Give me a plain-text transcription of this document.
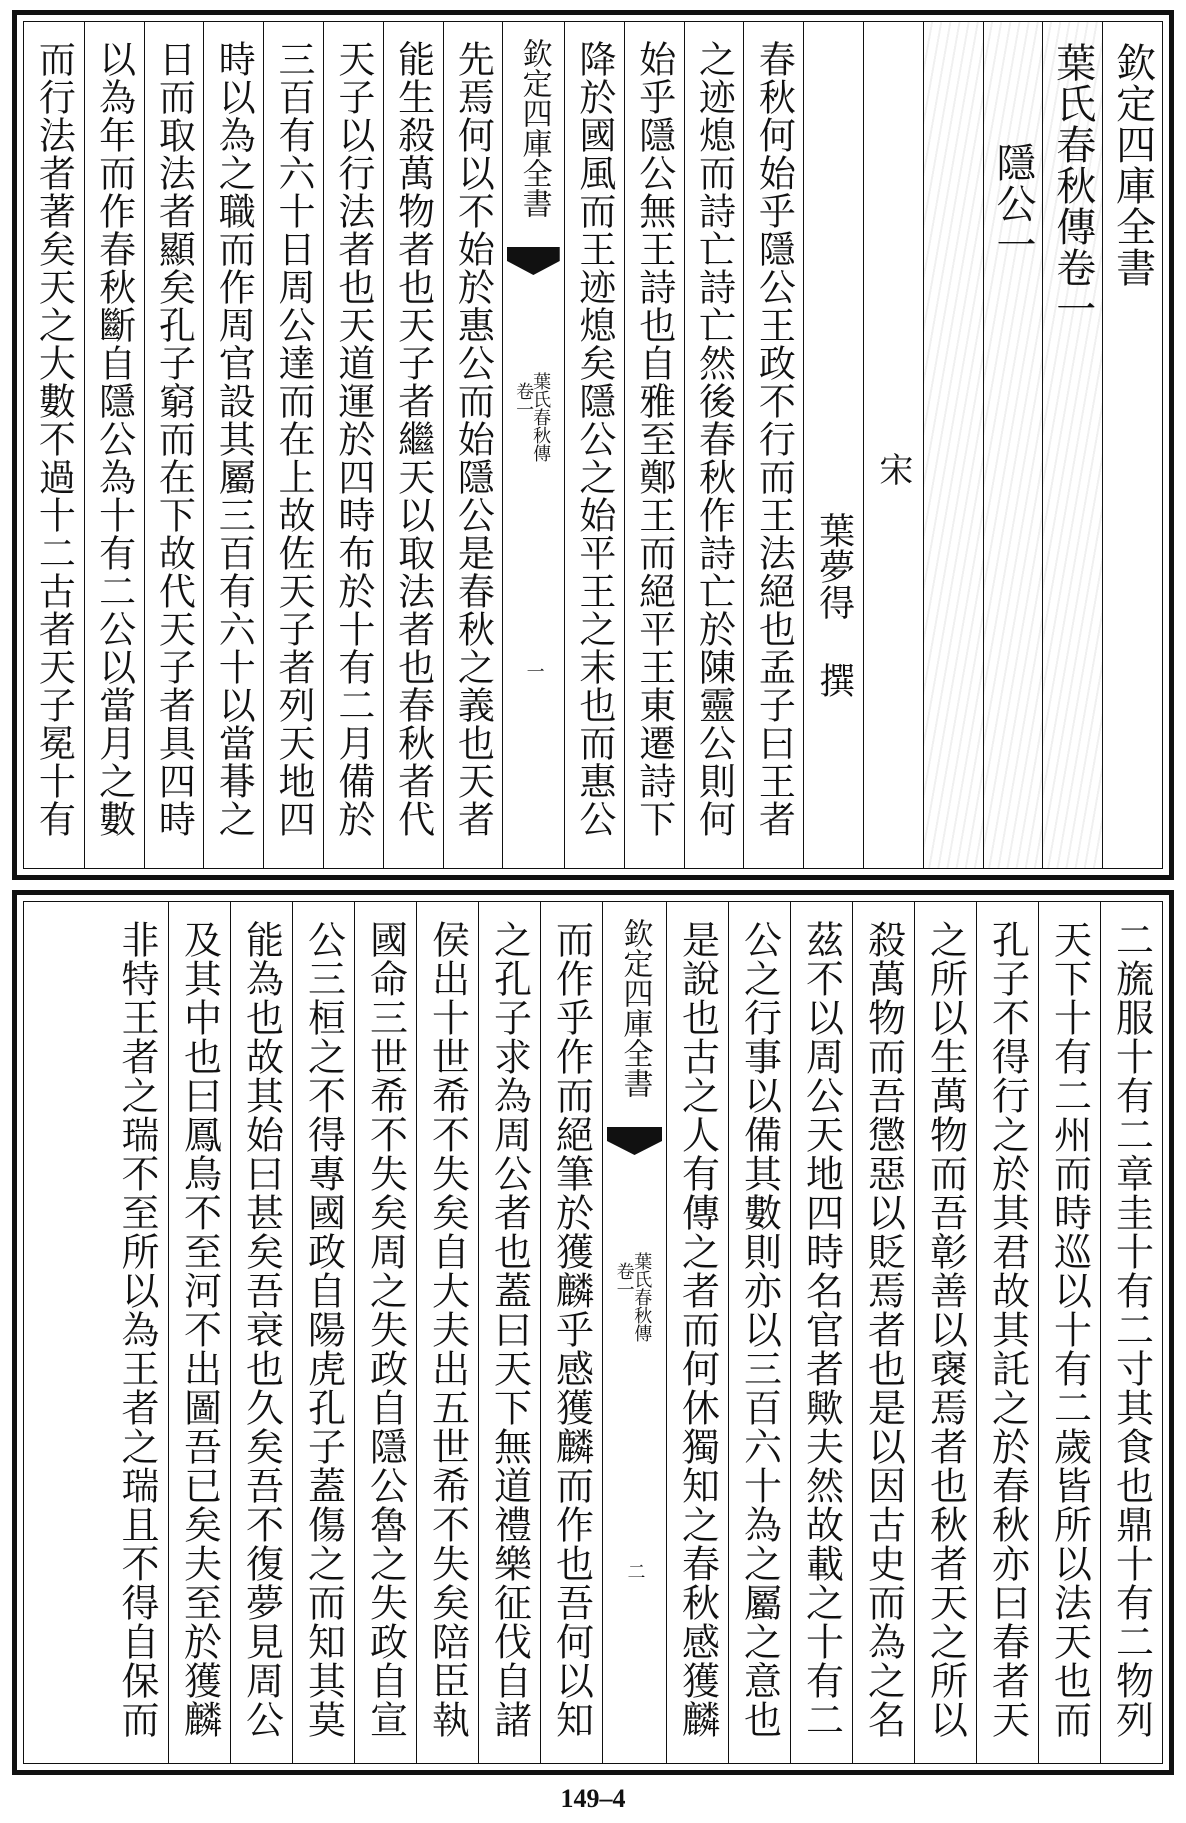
欽定四庫全書
葉氏春秋傳卷一
隱公一
宋
葉夢得
撰
春秋何始乎隱公王政不行而王法絕也孟子曰王者
之迹熄而詩亡詩亡然後春秋作詩亡於陳靈公則何
始乎隱公無王詩也自雅至鄭王而絕平王東遷詩下
降於國風而王迹熄矣隱公之始平王之末也而惠公
欽定四庫全書
葉氏春秋傳
卷一
一
先焉何以不始於惠公而始隱公是春秋之義也天者
能生殺萬物者也天子者繼天以取法者也春秋者代
天子以行法者也天道運於四時布於十有二月備於
三百有六十日周公達而在上故佐天子者列天地四
時以為之職而作周官設其屬三百有六十以當朞之
日而取法者顯矣孔子窮而在下故代天子者具四時
以為年而作春秋斷自隱公為十有二公以當月之數
而行法者著矣天之大數不過十二古者天子冕十有
二旒服十有二章圭十有二寸其食也鼎十有二物列
天下十有二州而時巡以十有二歲皆所以法天也而
孔子不得行之於其君故其託之於春秋亦曰春者天
之所以生萬物而吾彰善以襃焉者也秋者天之所以
殺萬物而吾懲惡以貶焉者也是以因古史而為之名
茲不以周公天地四時名官者歟夫然故載之十有二
公之行事以備其數則亦以三百六十為之屬之意也
是說也古之人有傳之者而何休獨知之春秋感獲麟
欽定四庫全書
葉氏春秋傳
卷一
二
而作乎作而絕筆於獲麟乎感獲麟而作也吾何以知
之孔子求為周公者也蓋曰天下無道禮樂征伐自諸
侯出十世希不失矣自大夫出五世希不失矣陪臣執
國命三世希不失矣周之失政自隱公魯之失政自宣
公三桓之不得專國政自陽虎孔子蓋傷之而知其莫
能為也故其始曰甚矣吾衰也久矣吾不復夢見周公
及其中也曰鳳鳥不至河不出圖吾已矣夫至於獲麟
非特王者之瑞不至所以為王者之瑞且不得自保而
149–4
